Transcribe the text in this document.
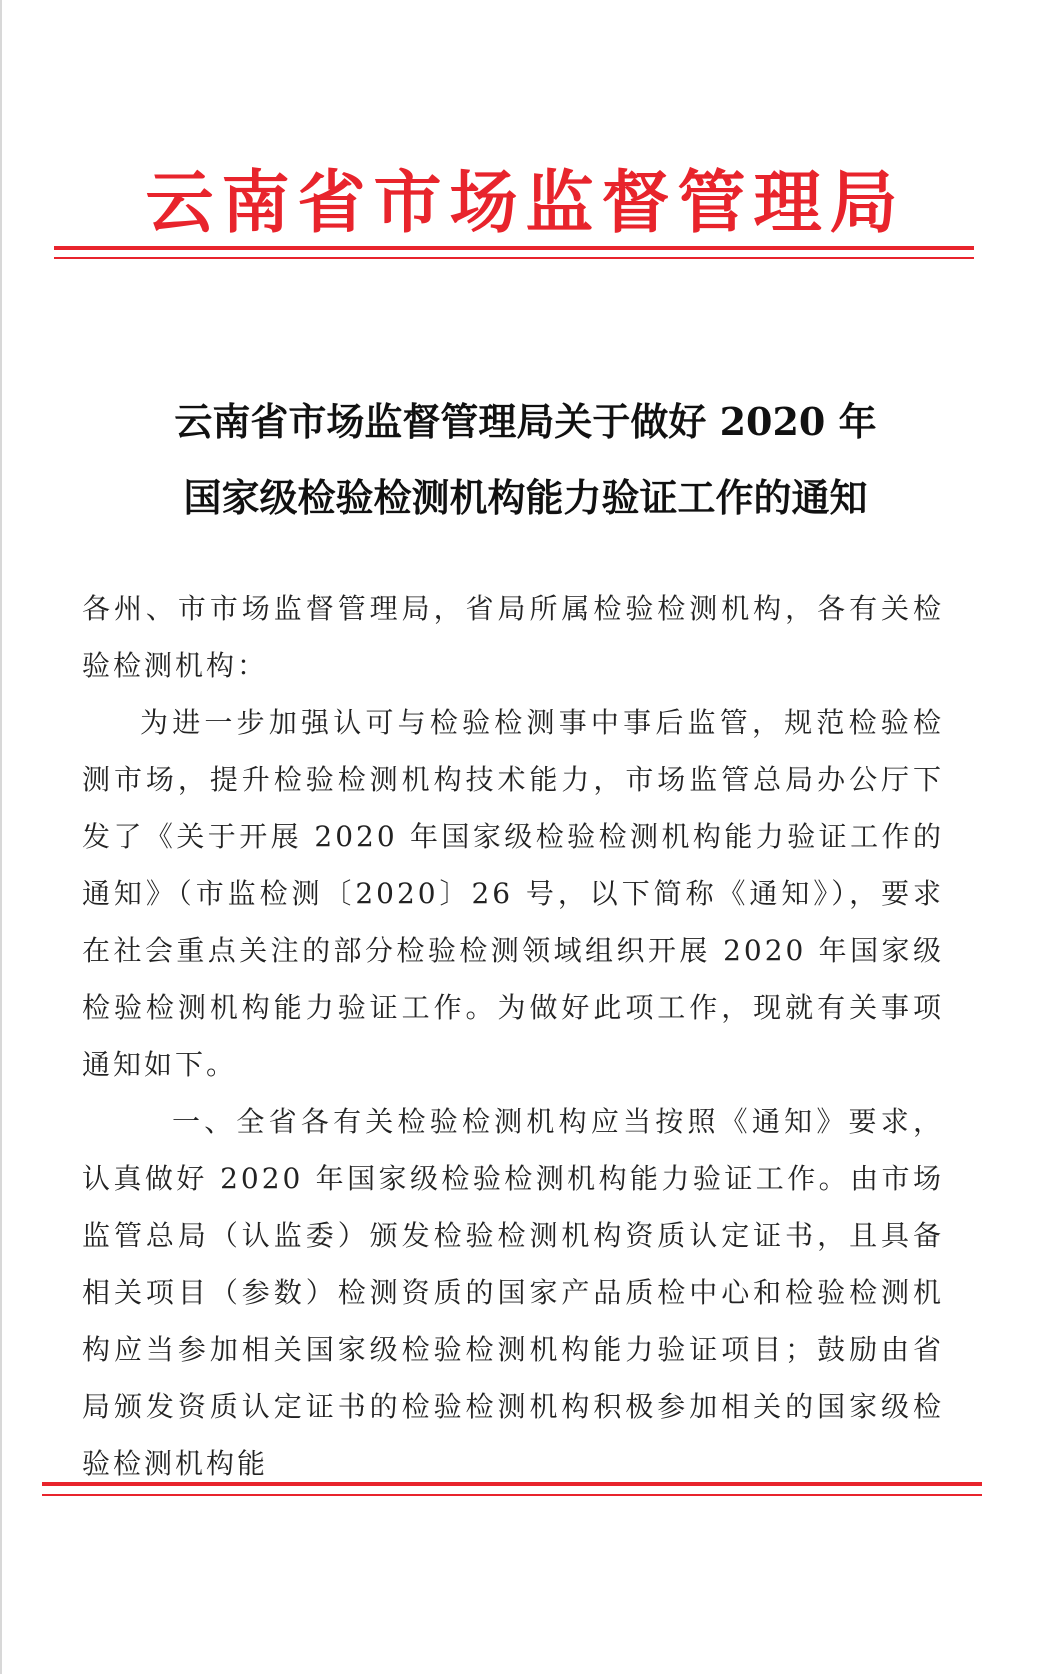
云南省市场监督管理局
云南省市场监督管理局关于做好 2020 年
国家级检验检测机构能力验证工作的通知

各州、市市场监督管理局，省局所属检验检测机构，各有关检验检测机构：

为进一步加强认可与检验检测事中事后监管，规范检验检测市场，提升检验检测机构技术能力，市场监管总局办公厅下发了《关于开展 2020 年国家级检验检测机构能力验证工作的通知》（市监检测〔2020〕26 号，以下简称《通知》），要求在社会重点关注的部分检验检测领域组织开展 2020 年国家级检验检测机构能力验证工作。为做好此项工作，现就有关事项通知如下。

一、全省各有关检验检测机构应当按照《通知》要求，认真做好 2020 年国家级检验检测机构能力验证工作。由市场监管总局（认监委）颁发检验检测机构资质认定证书，且具备相关项目（参数）检测资质的国家产品质检中心和检验检测机构应当参加相关国家级检验检测机构能力验证项目；鼓励由省局颁发资质认定证书的检验检测机构积极参加相关的国家级检验检测机构能
